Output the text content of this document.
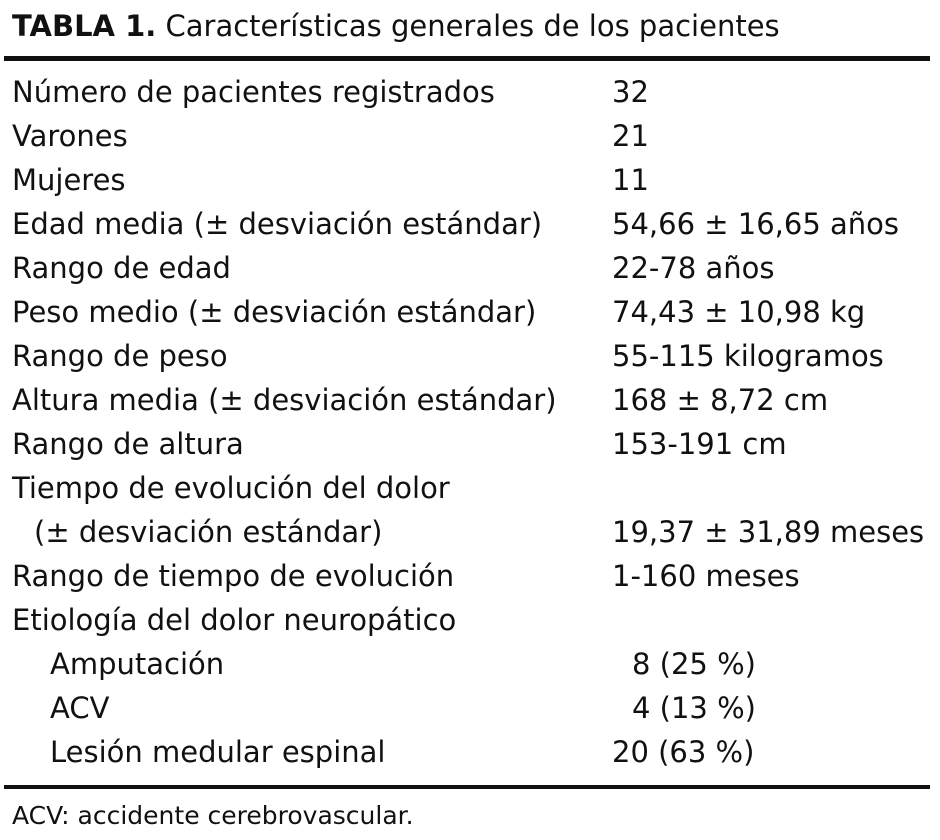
TABLA 1. Características generales de los pacientes
Número de pacientes registrados	32
Varones	21
Mujeres	11
Edad media (± desviación estándar) 54,66 ± 16,65 años
Rango de edad	22-78 años
Peso medio (± desviación estándar)	74,43 ± 10,98 kg
Rango de peso	55-115 kilogramos
Altura media (± desviación estándar) 168 ± 8,72 cm
Rango de altura	153-191 cm
Tiempo de evolución del dolor
(± desviación estándar)	19,37 ± 31,89 meses
Rango de tiempo de evolución	1-160 meses
Etiología del dolor neuropático
Amputación	8 (25 %)
ACV	4 (13 %)
Lesión medular espinal	20 (63 %)
ACV: accidente cerebrovascular.
